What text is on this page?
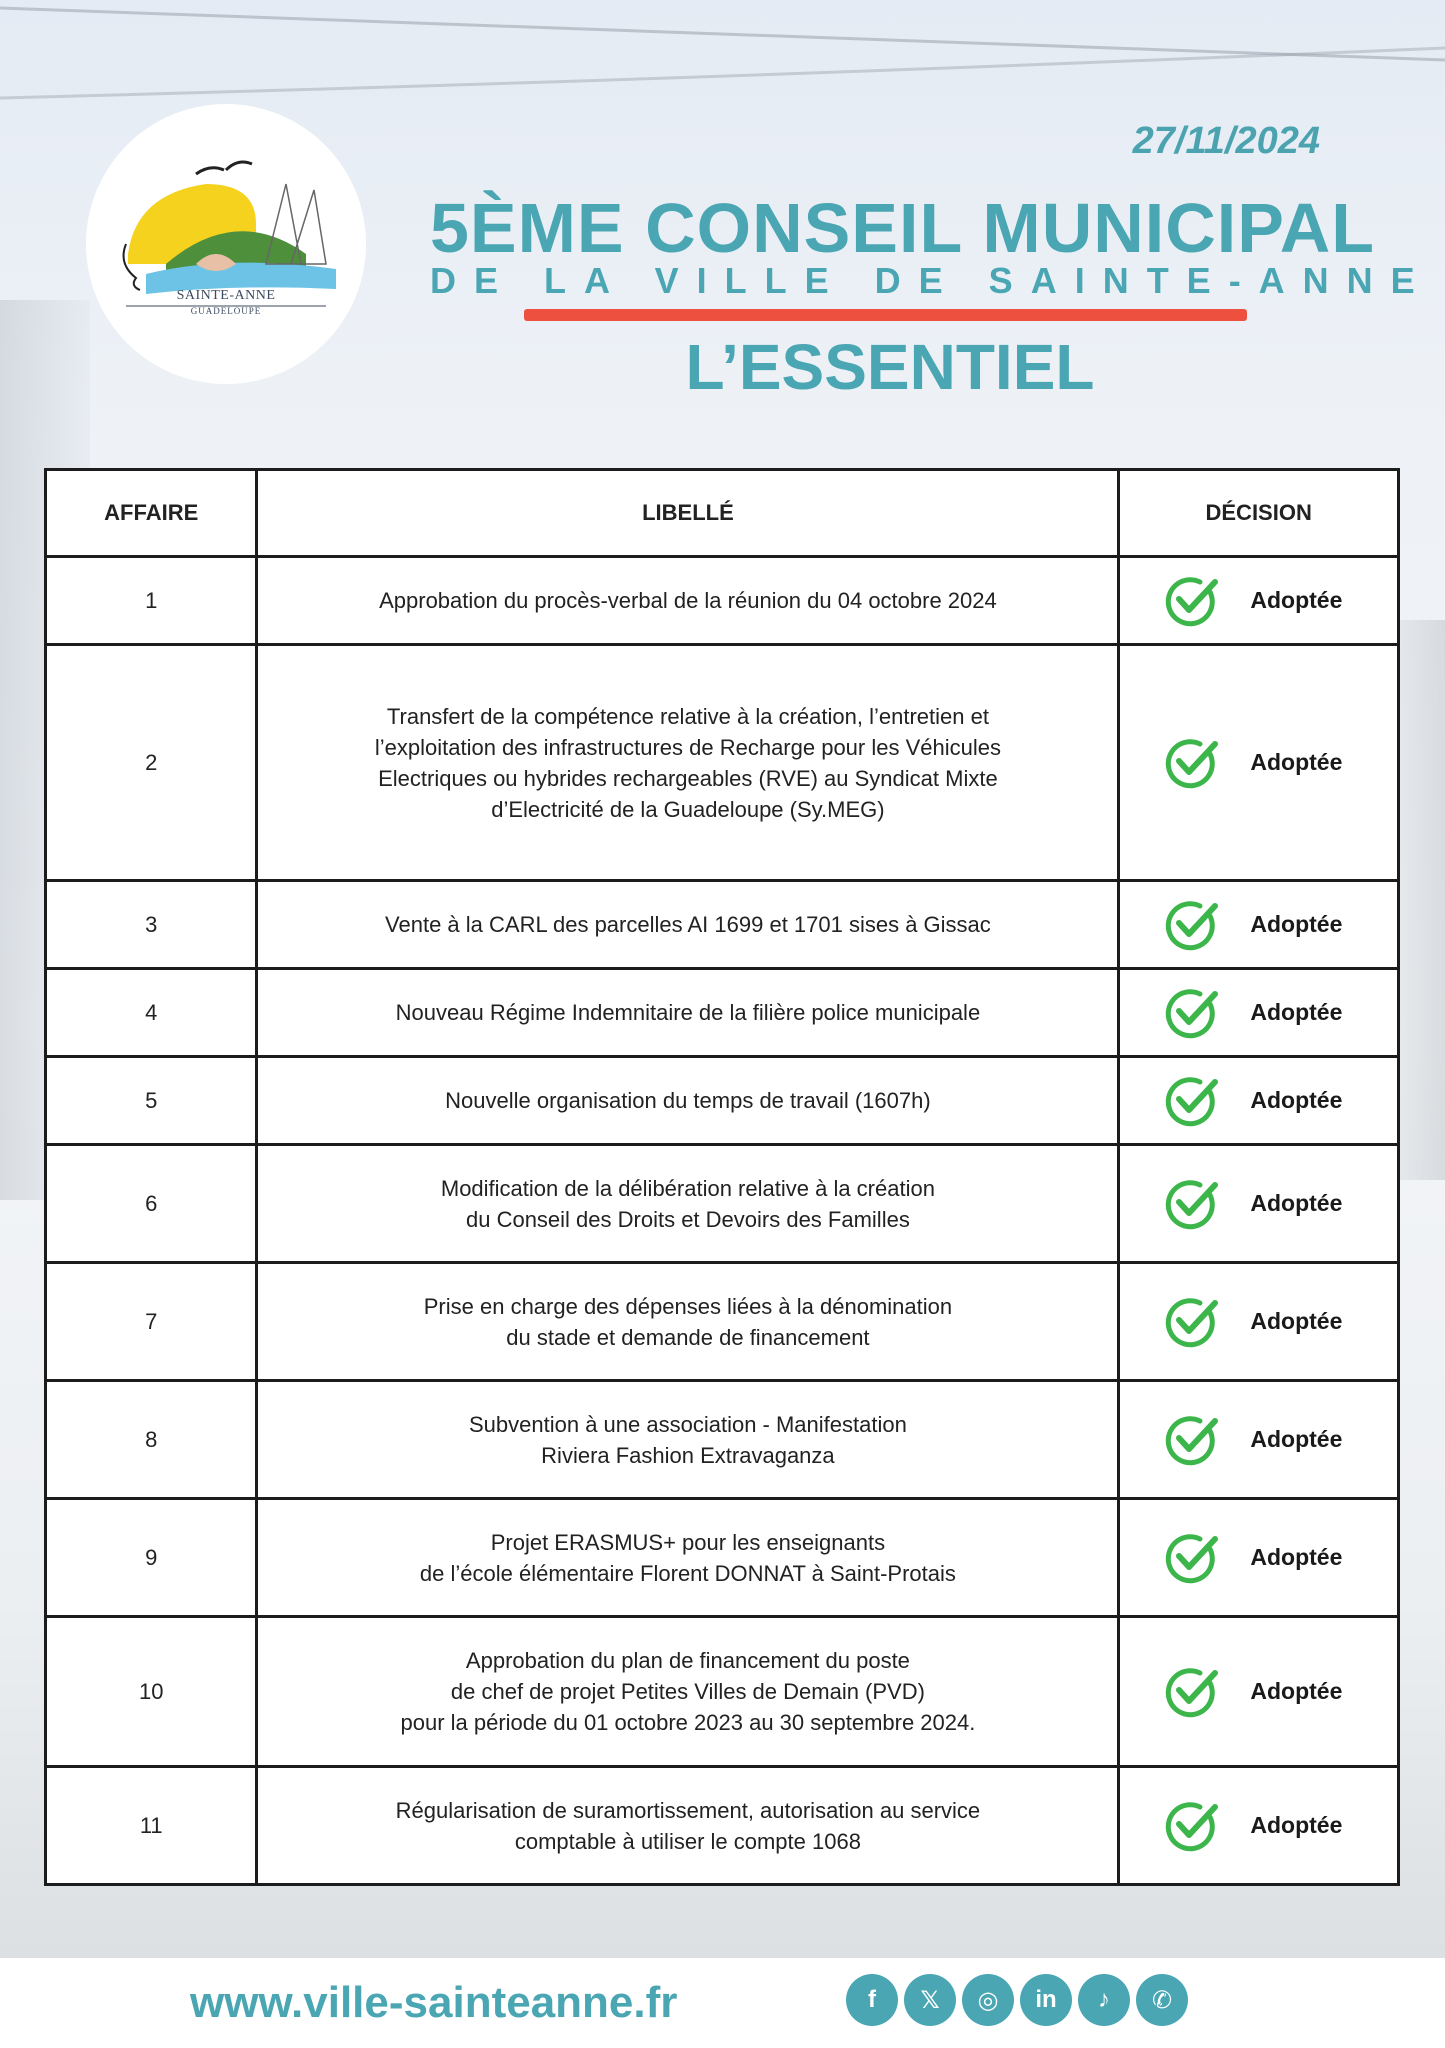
SAINTE-ANNE
GUADELOUPE
27/11/2024
5ÈME CONSEIL MUNICIPAL
DE LA VILLE DE SAINTE-ANNE
L’ESSENTIEL
AFFAIRE	LIBELLÉ	DÉCISION
1	Approbation du procès-verbal de la réunion du 04 octobre 2024	Adoptée

2	Transfert de la compétence relative à la création, l’entretien et
l’exploitation des infrastructures de Recharge pour les Véhicules
Electriques ou hybrides rechargeables (RVE) au Syndicat Mixte
d’Electricité de la Guadeloupe (Sy.MEG)	Adoptée

3	Vente à la CARL des parcelles AI 1699 et 1701 sises à Gissac	Adoptée

4	Nouveau Régime Indemnitaire de la filière police municipale	Adoptée

5	Nouvelle organisation du temps de travail (1607h)	Adoptée

6	Modification de la délibération relative à la création
du Conseil des Droits et Devoirs des Familles	Adoptée

7	Prise en charge des dépenses liées à la dénomination
du stade et demande de financement	Adoptée

8	Subvention à une association - Manifestation
Riviera Fashion Extravaganza	Adoptée

9	Projet ERASMUS+ pour les enseignants
de l’école élémentaire Florent DONNAT à Saint-Protais	Adoptée

10	Approbation du plan de financement du poste
de chef de projet Petites Villes de Demain (PVD)
pour la période du 01 octobre 2023 au 30 septembre 2024.	Adoptée

11	Régularisation de suramortissement, autorisation au service
comptable à utiliser le compte 1068	Adoptée
www.ville-sainteanne.fr	f 𝕏 ◎ in ♪ ✆
